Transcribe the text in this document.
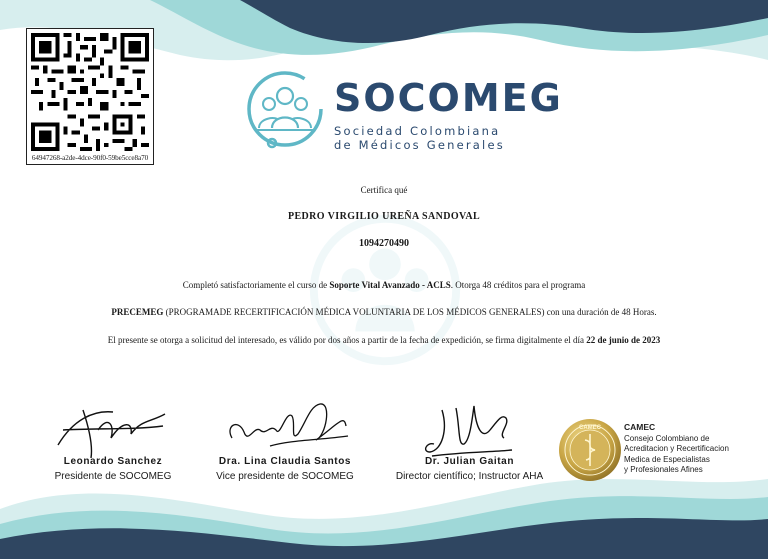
64947268-a2de-4dce-90f0-59be5cce8a70
SOCOMEG
Sociedad Colombiana
de Médicos Generales
Certifica qué
PEDRO VIRGILIO UREÑA SANDOVAL
1094270490
Completó satisfactoriamente el curso de Soporte Vital Avanzado - ACLS. Otorga 48 créditos para el programa
PRECEMEG (PROGRAMADE RECERTIFICACIÓN MÉDICA VOLUNTARIA DE LOS MÉDICOS GENERALES) con una duración de 48 Horas.
El presente se otorga a solicitud del interesado, es válido por dos años a partir de la fecha de expedición, se firma digitalmente el día 22 de junio de 2023
Leonardo Sanchez
Presidente de SOCOMEG
Dra. Lina Claudia Santos
Vice presidente de SOCOMEG
Dr. Julian Gaitan
Director científico; Instructor AHA
CAMEC	CAMEC
Consejo Colombiano de
Acreditacion y Recertificacion
Medica de Especialistas
y Profesionales Afines
